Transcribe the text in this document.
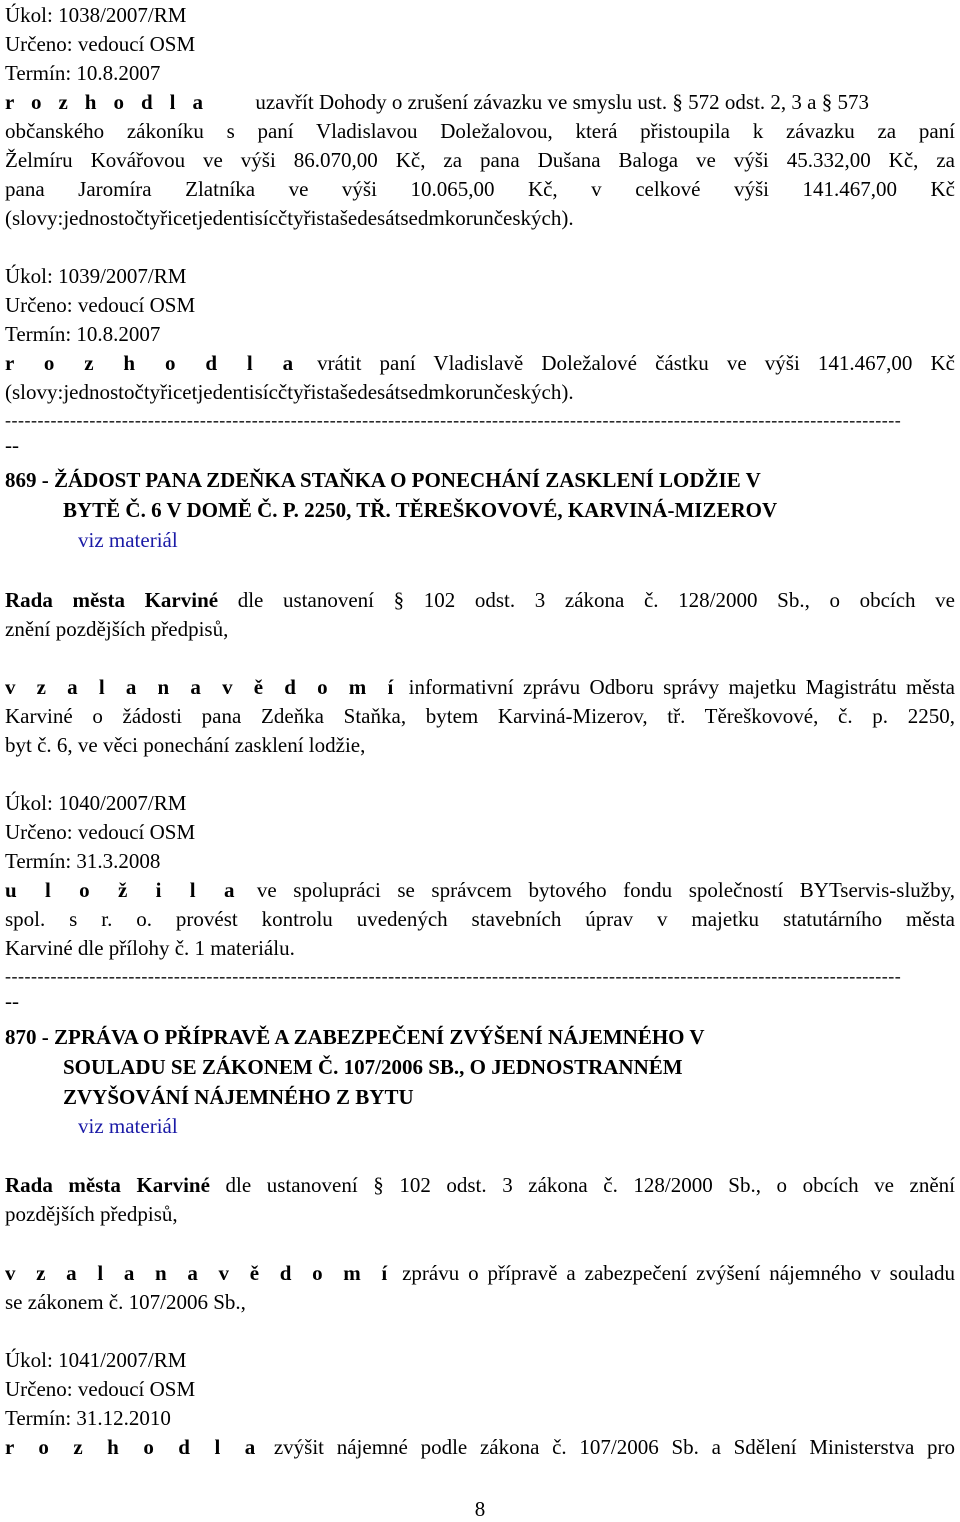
Úkol: 1038/2007/RM
Určeno: vedoucí OSM
Termín: 10.8.2007
r o z h o d l a uzavřít Dohody o zrušení závazku ve smyslu ust. § 572 odst. 2, 3 a § 573
občanského zákoníku s paní Vladislavou Doležalovou, která přistoupila k závazku za paní
Želmíru Kovářovou ve výši 86.070,00 Kč, za pana Dušana Baloga ve výši 45.332,00 Kč, za
pana Jaromíra Zlatníka ve výši 10.065,00 Kč, v celkové výši 141.467,00 Kč
(slovy:jednostočtyřicetjedentisícčtyřistašedesátsedmkorunčeských).
Úkol: 1039/2007/RM
Určeno: vedoucí OSM
Termín: 10.8.2007
r o z h o d l a vrátit paní Vladislavě Doležalové částku ve výši 141.467,00 Kč
(slovy:jednostočtyřicetjedentisícčtyřistašedesátsedmkorunčeských).
------------------------------------------------------------------------------------------------------------------------------------------
--
869 - ŽÁDOST PANA ZDEŇKA STAŇKA O PONECHÁNÍ ZASKLENÍ LODŽIE V
BYTĚ Č. 6 V DOMĚ Č. P. 2250, TŘ. TĚREŠKOVOVÉ, KARVINÁ-MIZEROV
viz materiál
Rada města Karviné dle ustanovení § 102 odst. 3 zákona č. 128/2000 Sb., o obcích ve
znění pozdějších předpisů,
v z a l a n a v ě d o m í informativní zprávu Odboru správy majetku Magistrátu města
Karviné o žádosti pana Zdeňka Staňka, bytem Karviná-Mizerov, tř. Těreškovové, č. p. 2250,
byt č. 6, ve věci ponechání zasklení lodžie,
Úkol: 1040/2007/RM
Určeno: vedoucí OSM
Termín: 31.3.2008
u l o ž i l a ve spolupráci se správcem bytového fondu společností BYTservis-služby,
spol. s r. o. provést kontrolu uvedených stavebních úprav v majetku statutárního města
Karviné dle přílohy č. 1 materiálu.
------------------------------------------------------------------------------------------------------------------------------------------
--
870 - ZPRÁVA O PŘÍPRAVĚ A ZABEZPEČENÍ ZVÝŠENÍ NÁJEMNÉHO V
SOULADU SE ZÁKONEM Č. 107/2006 SB., O JEDNOSTRANNÉM
ZVYŠOVÁNÍ NÁJEMNÉHO Z BYTU
viz materiál
Rada města Karviné dle ustanovení § 102 odst. 3 zákona č. 128/2000 Sb., o obcích ve znění
pozdějších předpisů,
v z a l a n a v ě d o m í zprávu o přípravě a zabezpečení zvýšení nájemného v souladu
se zákonem č. 107/2006 Sb.,
Úkol: 1041/2007/RM
Určeno: vedoucí OSM
Termín: 31.12.2010
r o z h o d l a zvýšit nájemné podle zákona č. 107/2006 Sb. a Sdělení Ministerstva pro
8
